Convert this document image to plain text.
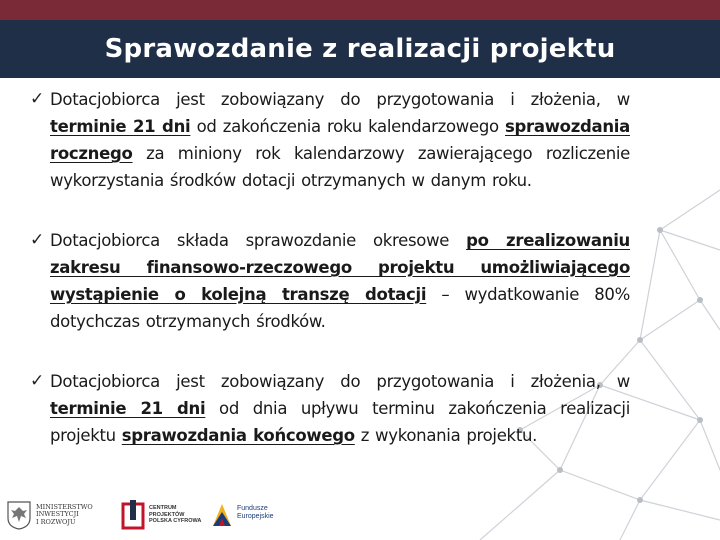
Sprawozdanie z realizacji projektu
✓ Dotacjobiorca jest zobowiązany do przygotowania i złożenia, w terminie 21 dni od zakończenia roku kalendarzowego sprawozdania rocznego za miniony rok kalendarzowy zawierającego rozliczenie wykorzystania środków dotacji otrzymanych w danym roku.

✓ Dotacjobiorca składa sprawozdanie okresowe po zrealizowaniu zakresu finansowo-rzeczowego projektu umożliwiającego wystąpienie o kolejną transzę dotacji – wydatkowanie 80% dotychczas otrzymanych środków.

✓ Dotacjobiorca jest zobowiązany do przygotowania i złożenia, w terminie 21 dni od dnia upływu terminu zakończenia realizacji projektu sprawozdania końcowego z wykonania projektu.

MINISTERSTWO
INWESTYCJI
I ROZWOJU
CENTRUM
PROJEKTÓW
POLSKA CYFROWA
Fundusze
Europejskie
